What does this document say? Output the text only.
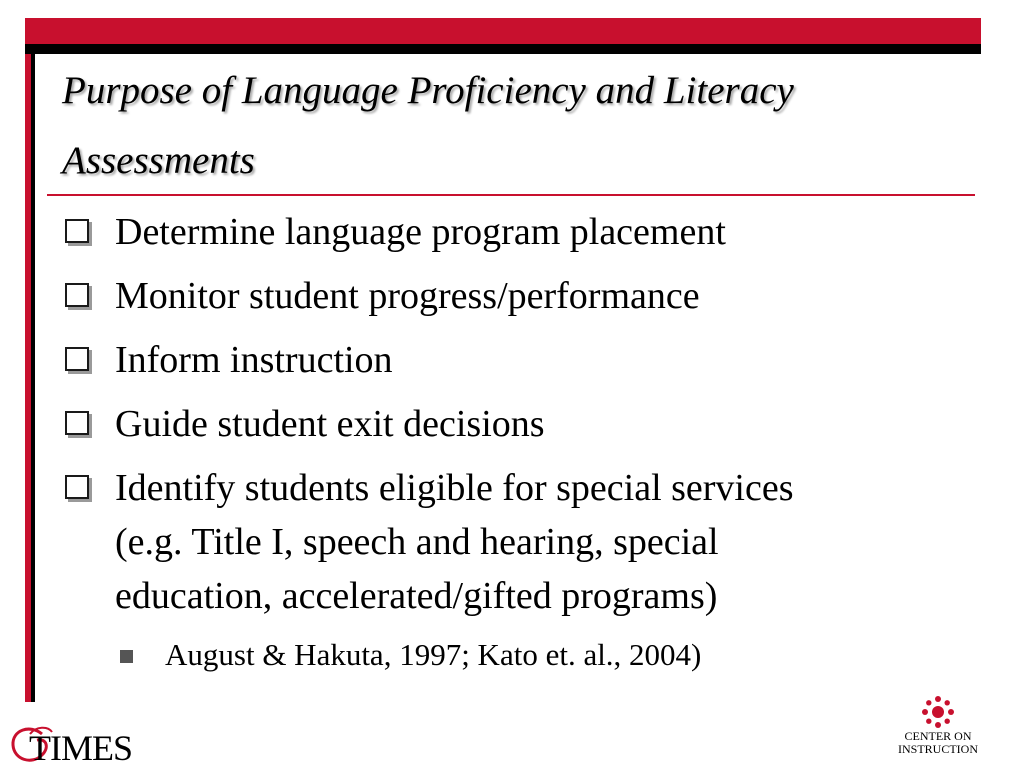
Purpose of Language Proficiency and Literacy
Assessments
Determine language program placement
Monitor student progress/performance
Inform instruction
Guide student exit decisions
Identify students eligible for special services
(e.g. Title I, speech and hearing, special
education, accelerated/gifted programs)
August & Hakuta, 1997; Kato et. al., 2004)
TIMES	CENTER ON
INSTRUCTION
